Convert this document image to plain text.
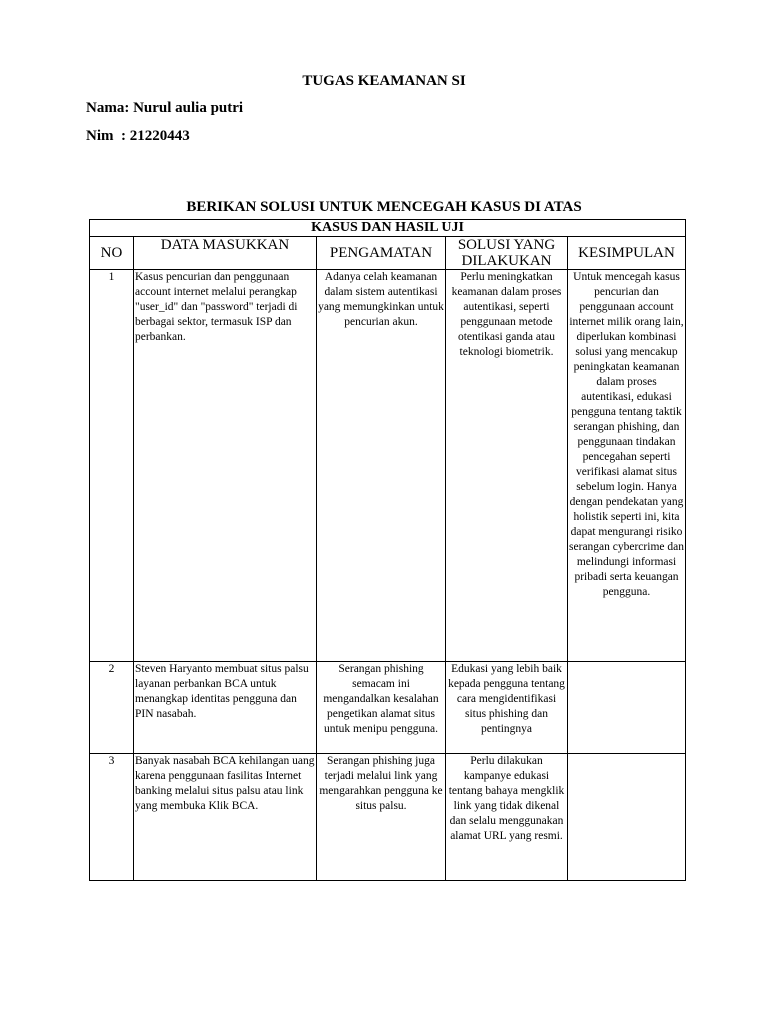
TUGAS KEAMANAN SI
Nama: Nurul aulia putri
Nim  : 21220443
BERIKAN SOLUSI UNTUK MENCEGAH KASUS DI ATAS
KASUS DAN HASIL UJI				
NO	DATA MASUKKAN	PENGAMATAN	SOLUSI YANG DILAKUKAN	KESIMPULAN
1	Kasus pencurian dan penggunaan account internet melalui perangkap "user_id" dan "password" terjadi di berbagai sektor, termasuk ISP dan perbankan.	Adanya celah keamanan dalam sistem autentikasi yang memungkinkan untuk pencurian akun.	Perlu meningkatkan keamanan dalam proses autentikasi, seperti penggunaan metode otentikasi ganda atau teknologi biometrik.	Untuk mencegah kasus pencurian dan penggunaan account internet milik orang lain, diperlukan kombinasi solusi yang mencakup peningkatan keamanan dalam proses autentikasi, edukasi pengguna tentang taktik serangan phishing, dan penggunaan tindakan pencegahan seperti verifikasi alamat situs sebelum login. Hanya dengan pendekatan yang holistik seperti ini, kita dapat mengurangi risiko serangan cybercrime dan melindungi informasi pribadi serta keuangan pengguna.
2	Steven Haryanto membuat situs palsu layanan perbankan BCA untuk menangkap identitas pengguna dan PIN nasabah.	Serangan phishing semacam ini mengandalkan kesalahan pengetikan alamat situs untuk menipu pengguna.	Edukasi yang lebih baik kepada pengguna tentang cara mengidentifikasi situs phishing dan pentingnya	
3	Banyak nasabah BCA kehilangan uang karena penggunaan fasilitas Internet banking melalui situs palsu atau link yang membuka Klik BCA.	Serangan phishing juga terjadi melalui link yang mengarahkan pengguna ke situs palsu.	Perlu dilakukan kampanye edukasi tentang bahaya mengklik link yang tidak dikenal dan selalu menggunakan alamat URL yang resmi.	
